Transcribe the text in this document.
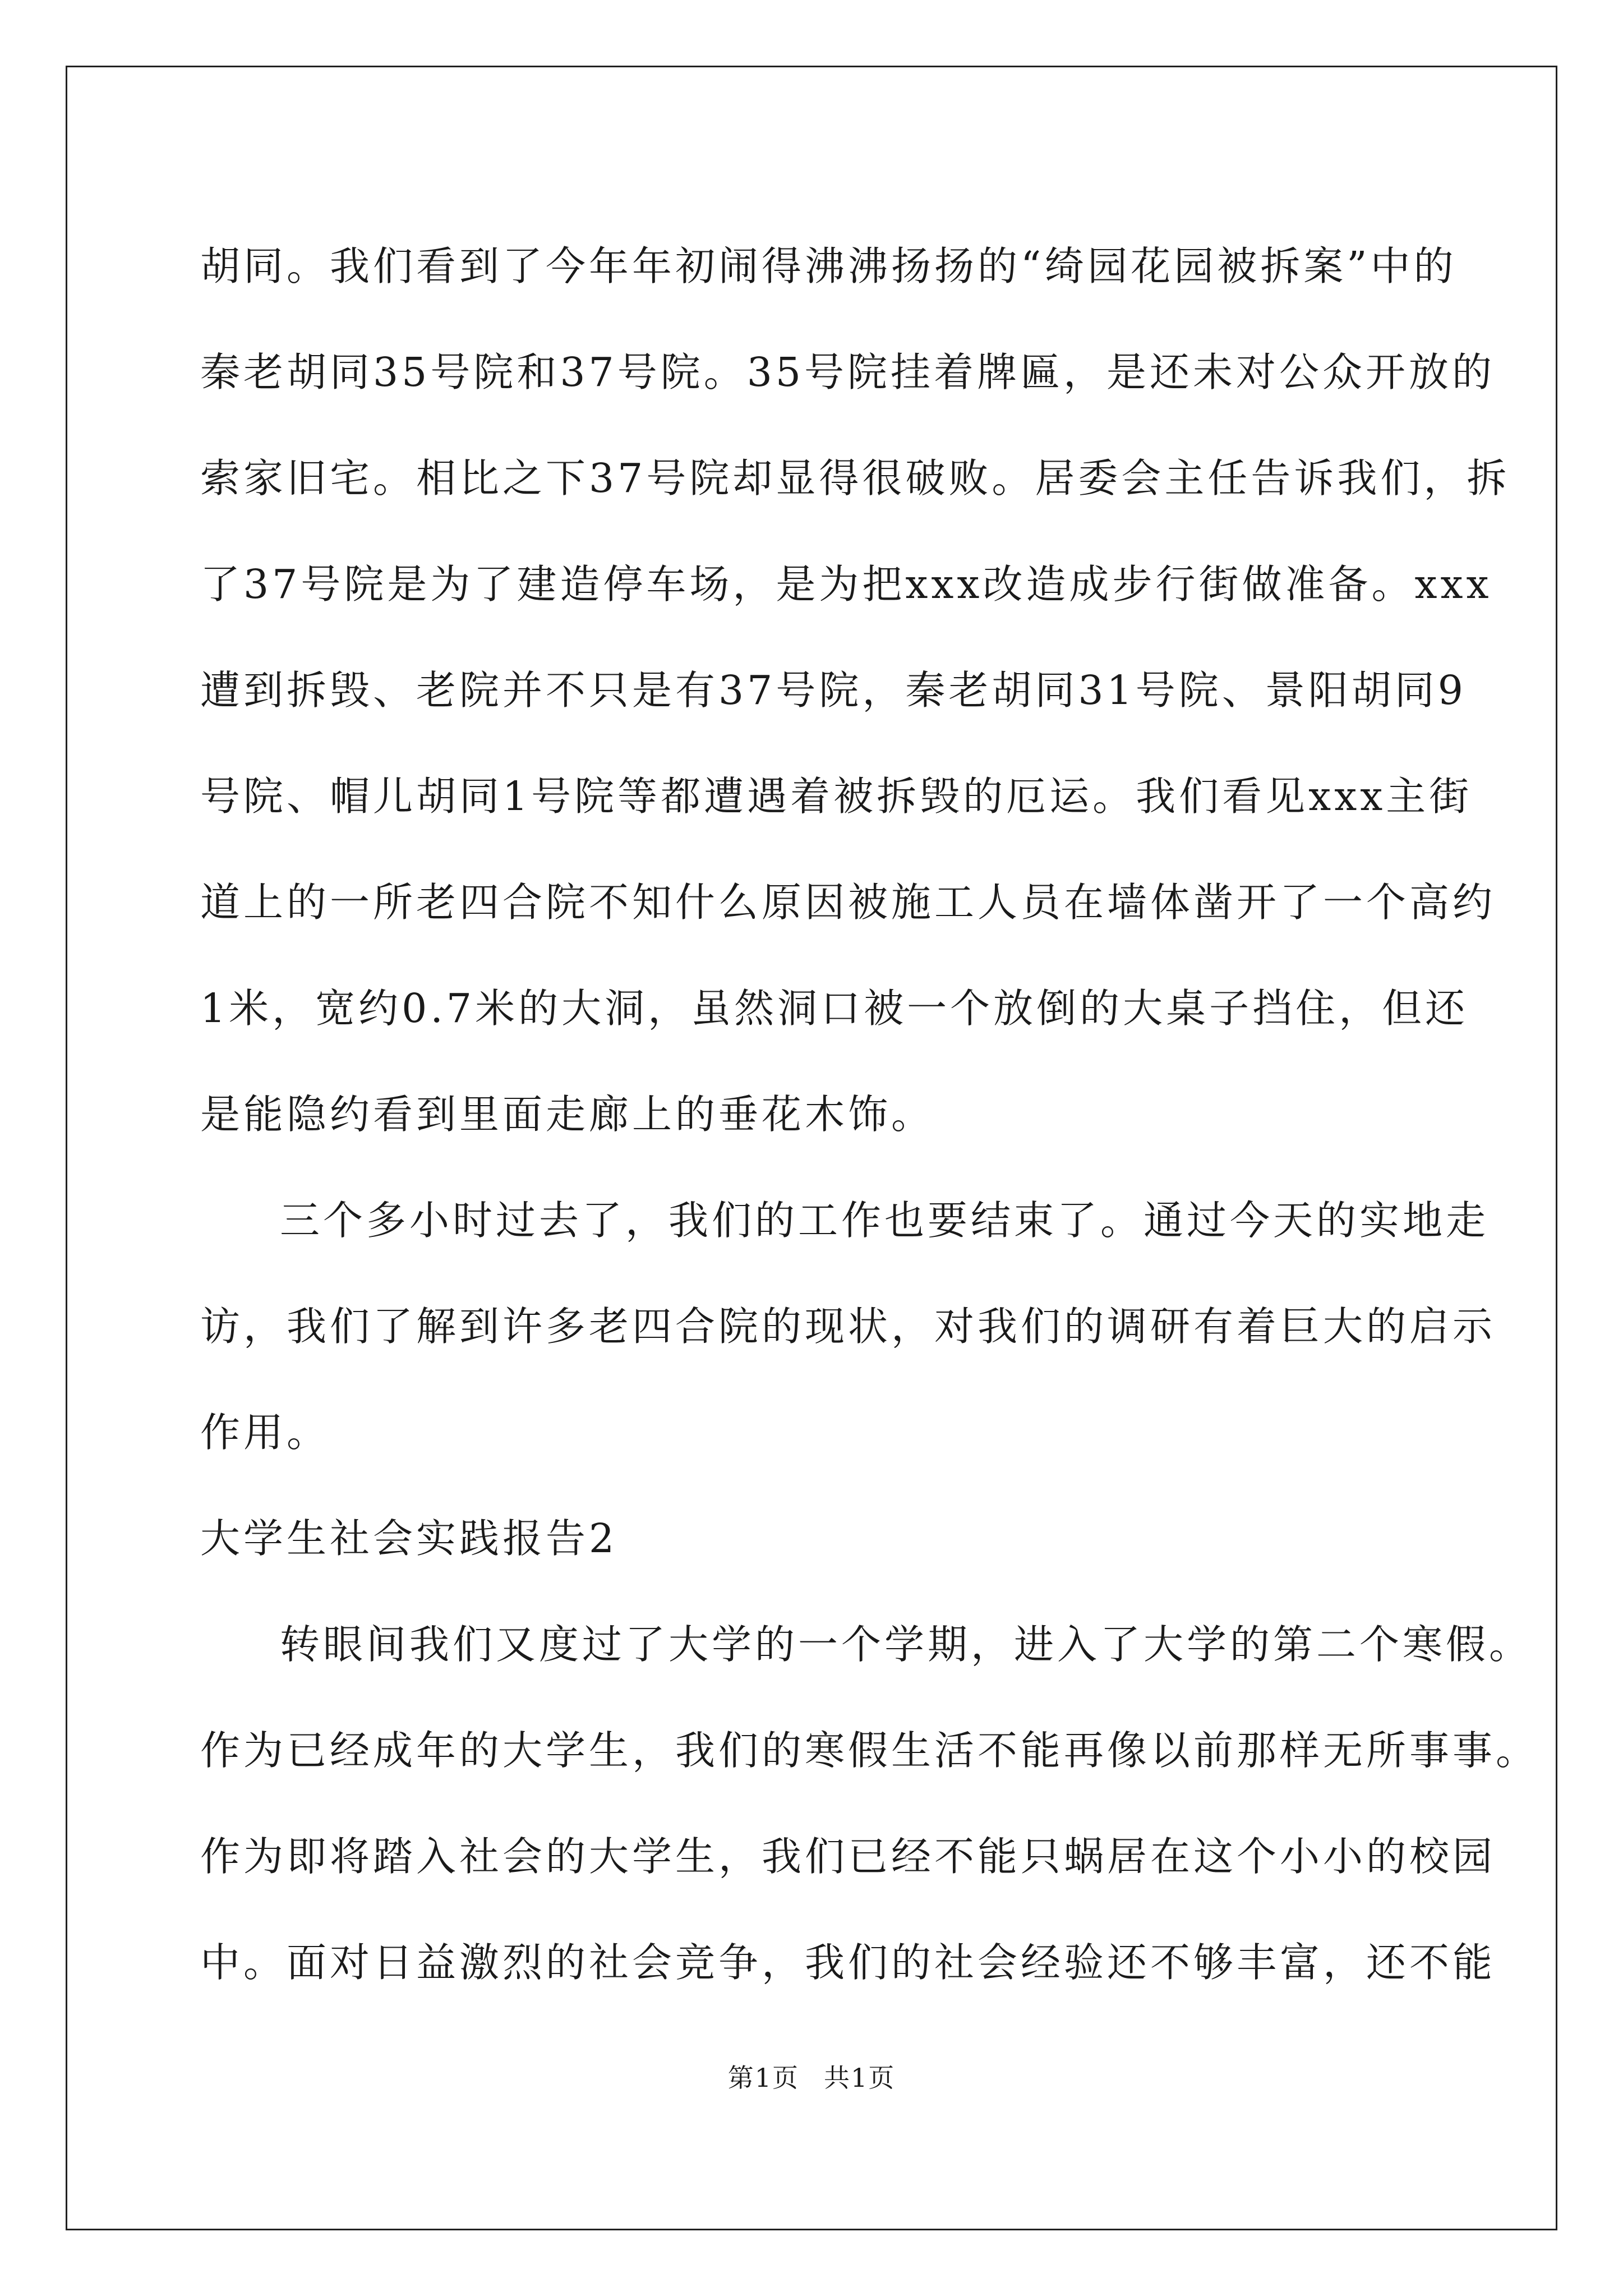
胡同。我们看到了今年年初闹得沸沸扬扬的“绮园花园被拆案”中的

秦老胡同35号院和37号院。35号院挂着牌匾，是还未对公众开放的

索家旧宅。相比之下37号院却显得很破败。居委会主任告诉我们，拆

了37号院是为了建造停车场，是为把xxx改造成步行街做准备。xxx

遭到拆毁、老院并不只是有37号院，秦老胡同31号院、景阳胡同9

号院、帽儿胡同1号院等都遭遇着被拆毁的厄运。我们看见xxx主街

道上的一所老四合院不知什么原因被施工人员在墙体凿开了一个高约

1米，宽约0.7米的大洞，虽然洞口被一个放倒的大桌子挡住，但还

是能隐约看到里面走廊上的垂花木饰。

三个多小时过去了，我们的工作也要结束了。通过今天的实地走

访，我们了解到许多老四合院的现状，对我们的调研有着巨大的启示

作用。

大学生社会实践报告2

转眼间我们又度过了大学的一个学期，进入了大学的第二个寒假。

作为已经成年的大学生，我们的寒假生活不能再像以前那样无所事事。

作为即将踏入社会的大学生，我们已经不能只蜗居在这个小小的校园

中。面对日益激烈的社会竞争，我们的社会经验还不够丰富，还不能

第1页 共1页
